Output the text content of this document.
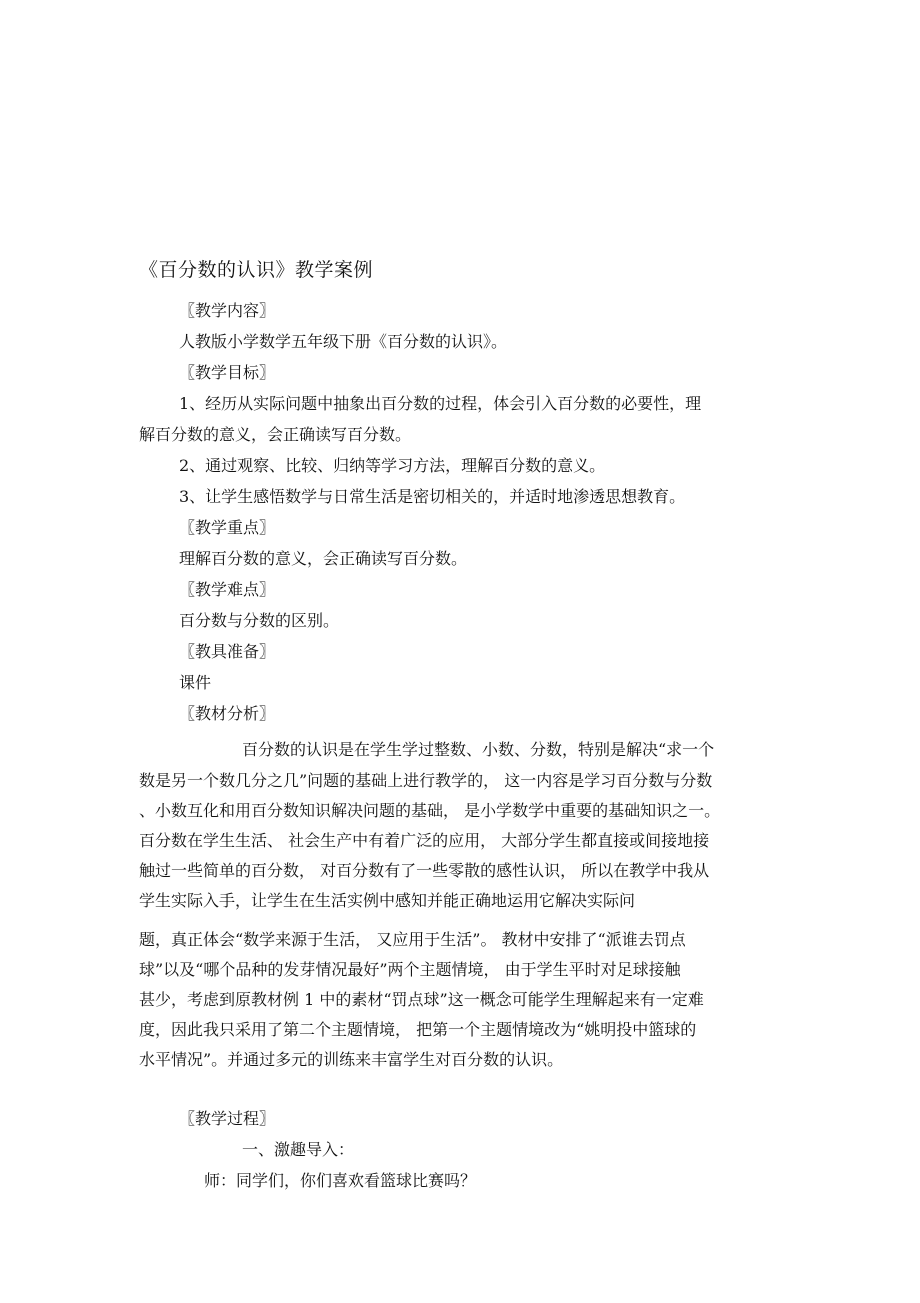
《百分数的认识》教学案例
〖教学内容〗
人教版小学数学五年级下册《百分数的认识》。
〖教学目标〗
1、经历从实际问题中抽象出百分数的过程，体会引入百分数的必要性，理
解百分数的意义，会正确读写百分数。
2、通过观察、比较、归纳等学习方法，理解百分数的意义。
3、让学生感悟数学与日常生活是密切相关的，并适时地渗透思想教育。
〖教学重点〗
理解百分数的意义，会正确读写百分数。
〖教学难点〗
百分数与分数的区别。
〖教具准备〗
课件
〖教材分析〗
百分数的认识是在学生学过整数、小数、分数，特别是解决“求一个
数是另一个数几分之几”问题的基础上进行教学的， 这一内容是学习百分数与分数
、小数互化和用百分数知识解决问题的基础， 是小学数学中重要的基础知识之一。
百分数在学生生活、 社会生产中有着广泛的应用， 大部分学生都直接或间接地接
触过一些简单的百分数， 对百分数有了一些零散的感性认识， 所以在教学中我从
学生实际入手，让学生在生活实例中感知并能正确地运用它解决实际问
题，真正体会“数学来源于生活， 又应用于生活”。 教材中安排了“派谁去罚点
球”以及“哪个品种的发芽情况最好”两个主题情境， 由于学生平时对足球接触
甚少，考虑到原教材例 1 中的素材“罚点球”这一概念可能学生理解起来有一定难
度，因此我只采用了第二个主题情境， 把第一个主题情境改为“姚明投中篮球的
水平情况”。并通过多元的训练来丰富学生对百分数的认识。
〖教学过程〗
一、激趣导入：
师：同学们，你们喜欢看篮球比赛吗？
